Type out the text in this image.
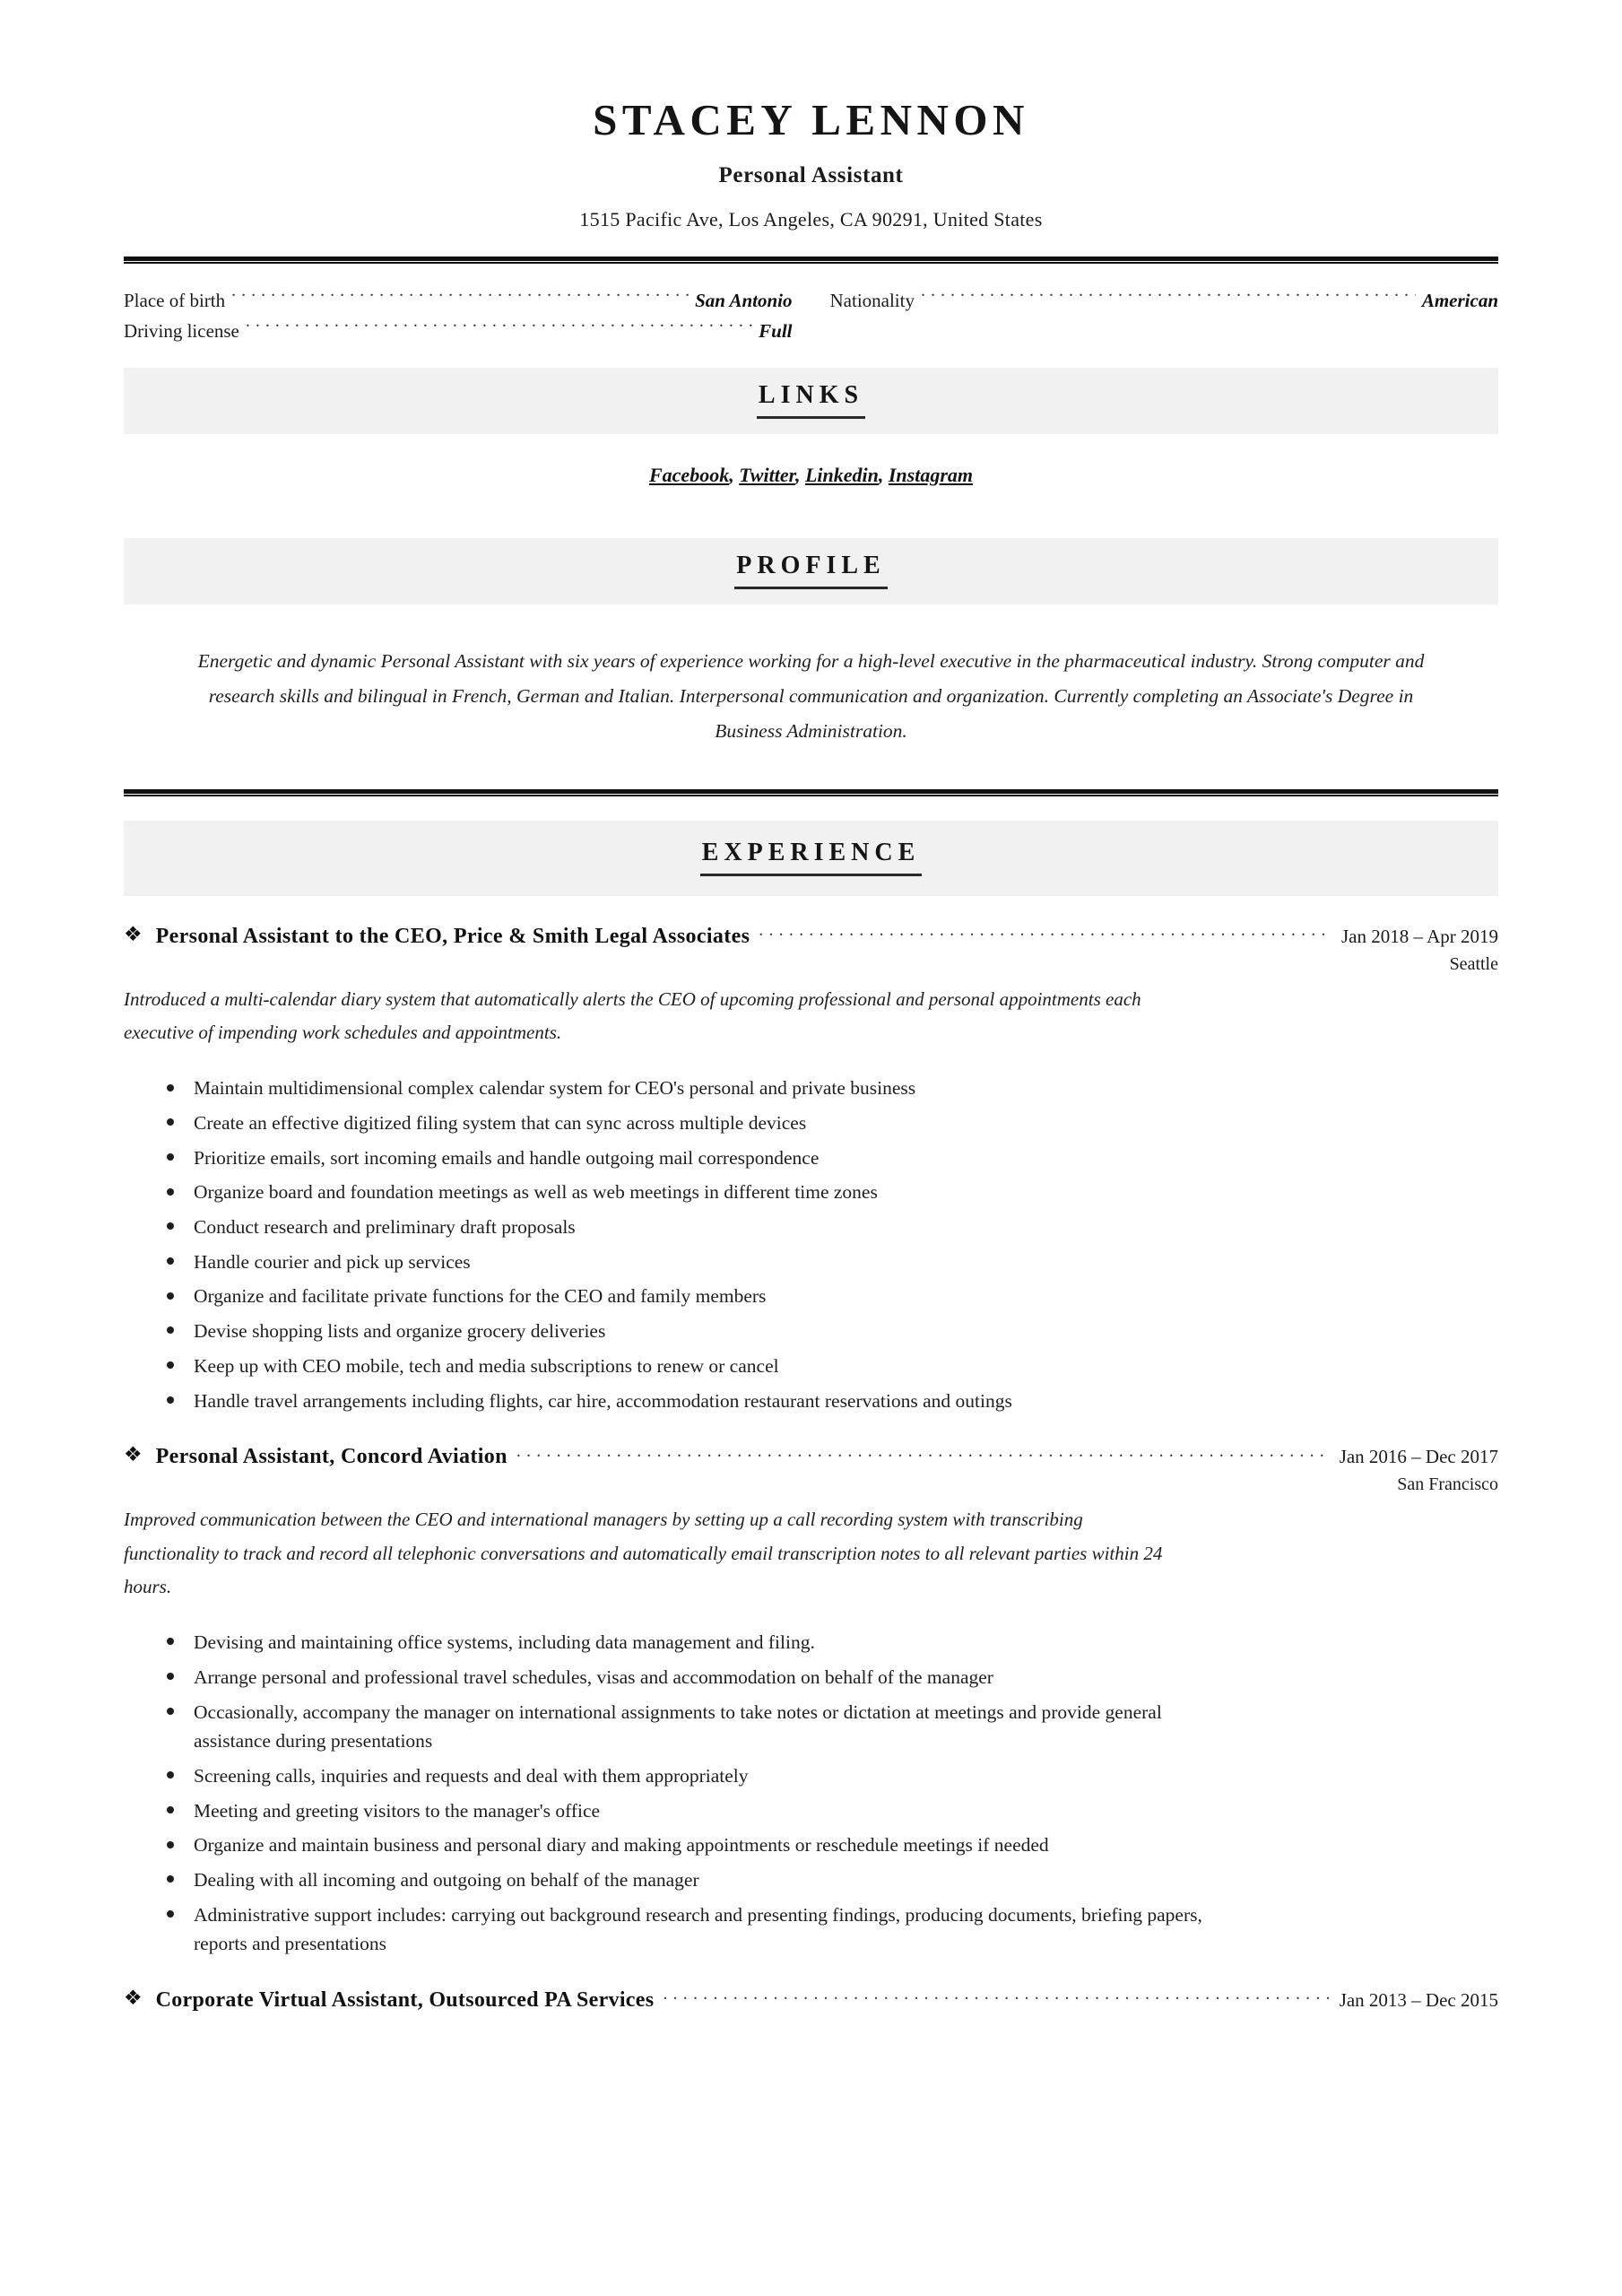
STACEY LENNON
Personal Assistant
1515 Pacific Ave, Los Angeles, CA 90291, United States
Place of birth . . .	San Antonio Nationality . . .	American
Driving license . . .	Full
LINKS
Facebook, Twitter, Linkedin, Instagram
PROFILE

Energetic and dynamic Personal Assistant with six years of experience working for a high-level executive in the pharmaceutical industry. Strong computer and research skills and bilingual in French, German and Italian. Interpersonal communication and organization. Currently completing an Associate's Degree in Business Administration.

EXPERIENCE
❖ Personal Assistant to the CEO, Price & Smith Legal Associates . . .	Jan 2018 – Apr 2019
Seattle

Introduced a multi-calendar diary system that automatically alerts the CEO of upcoming professional and personal appointments each executive of impending work schedules and appointments.

Maintain multidimensional complex calendar system for CEO's personal and private business
Create an effective digitized filing system that can sync across multiple devices
Prioritize emails, sort incoming emails and handle outgoing mail correspondence
Organize board and foundation meetings as well as web meetings in different time zones
Conduct research and preliminary draft proposals
Handle courier and pick up services
Organize and facilitate private functions for the CEO and family members
Devise shopping lists and organize grocery deliveries
Keep up with CEO mobile, tech and media subscriptions to renew or cancel
Handle travel arrangements including flights, car hire, accommodation restaurant reservations and outings
❖ Personal Assistant, Concord Aviation . . .	Jan 2016 – Dec 2017
San Francisco

Improved communication between the CEO and international managers by setting up a call recording system with transcribing functionality to track and record all telephonic conversations and automatically email transcription notes to all relevant parties within 24 hours.

Devising and maintaining office systems, including data management and filing.
Arrange personal and professional travel schedules, visas and accommodation on behalf of the manager
Occasionally, accompany the manager on international assignments to take notes or dictation at meetings and provide general assistance during presentations
Screening calls, inquiries and requests and deal with them appropriately
Meeting and greeting visitors to the manager's office
Organize and maintain business and personal diary and making appointments or reschedule meetings if needed
Dealing with all incoming and outgoing on behalf of the manager
Administrative support includes: carrying out background research and presenting findings, producing documents, briefing papers, reports and presentations
❖ Corporate Virtual Assistant, Outsourced PA Services . . .	Jan 2013 – Dec 2015
